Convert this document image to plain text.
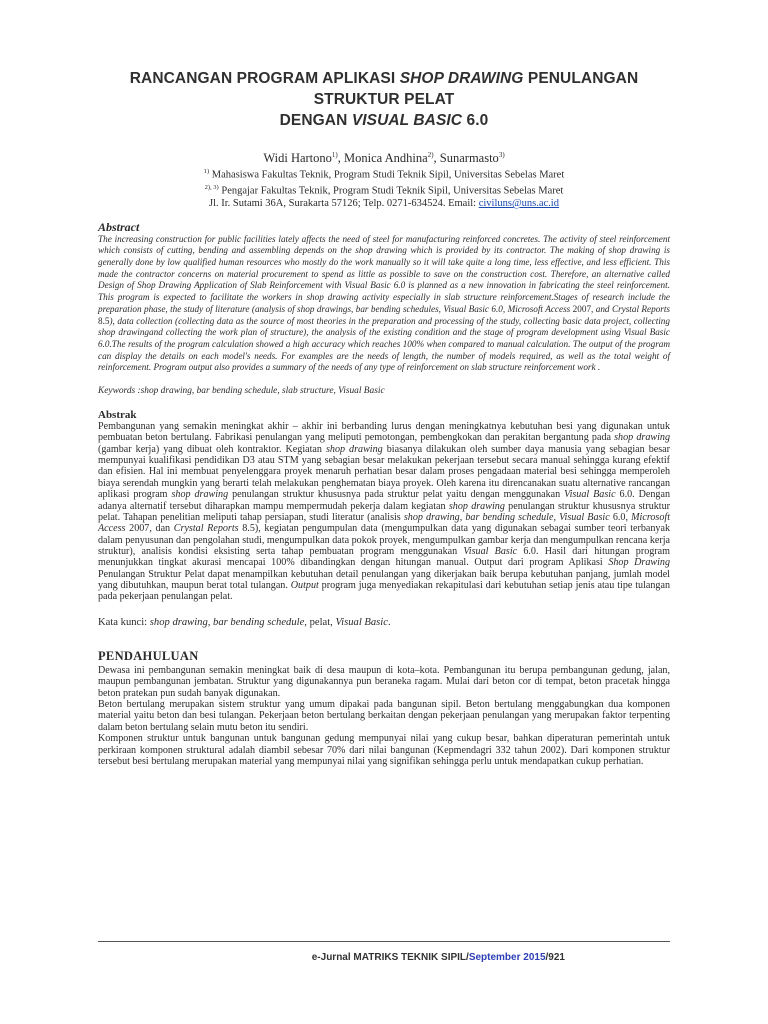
RANCANGAN PROGRAM APLIKASI SHOP DRAWING PENULANGAN STRUKTUR PELAT
DENGAN VISUAL BASIC 6.0
Widi Hartono$^{1)}$, Monica Andhina$^{2)}$, Sunarmasto$^{3)}$
$^{1)}$ Mahasiswa Fakultas Teknik, Program Studi Teknik Sipil, Universitas Sebelas Maret
$^{2), 3)}$ Pengajar Fakultas Teknik, Program Studi Teknik Sipil, Universitas Sebelas Maret
Jl. Ir. Sutami 36A, Surakarta 57126; Telp. 0271-634524. Email: civiluns@uns.ac.id
Abstract
The increasing construction for public facilities lately affects the need of steel for manufacturing reinforced concretes. The activity of steel reinforcement which consists of cutting, bending and assembling depends on the shop drawing which is provided by its contractor. The making of shop drawing is generally done by low qualified human resources who mostly do the work manually so it will take quite a long time, less effective, and less efficient. This made the contractor concerns on material procurement to spend as little as possible to save on the construction cost. Therefore, an alternative called Design of Shop Drawing Application of Slab Reinforcement with Visual Basic 6.0 is planned as a new innovation in fabricating the steel reinforcement. This program is expected to facilitate the workers in shop drawing activity especially in slab structure reinforcement.Stages of research include the preparation phase, the study of literature (analysis of shop drawings, bar bending schedules, Visual Basic 6.0, Microsoft Access 2007, and Crystal Reports 8.5), data collection (collecting data as the source of most theories in the preparation and processing of the study, collecting basic data project, collecting shop drawingand collecting the work plan of structure), the analysis of the existing condition and the stage of program development using Visual Basic 6.0.The results of the program calculation showed a high accuracy which reaches 100% when compared to manual calculation. The output of the program can display the details on each model's needs. For examples are the needs of length, the number of models required, as well as the total weight of reinforcement. Program output also provides a summary of the needs of any type of reinforcement on slab structure reinforcement work .
Keywords :shop drawing, bar bending schedule, slab structure, Visual Basic
Abstrak
Pembangunan yang semakin meningkat akhir – akhir ini berbanding lurus dengan meningkatnya kebutuhan besi yang digunakan untuk pembuatan beton bertulang. Fabrikasi penulangan yang meliputi pemotongan, pembengkokan dan perakitan bergantung pada shop drawing (gambar kerja) yang dibuat oleh kontraktor. Kegiatan shop drawing biasanya dilakukan oleh sumber daya manusia yang sebagian besar mempunyai kualifikasi pendidikan D3 atau STM yang sebagian besar melakukan pekerjaan tersebut secara manual sehingga kurang efektif dan efisien. Hal ini membuat penyelenggara proyek menaruh perhatian besar dalam proses pengadaan material besi sehingga memperoleh biaya serendah mungkin yang berarti telah melakukan penghematan biaya proyek. Oleh karena itu direncanakan suatu alternative rancangan aplikasi program shop drawing penulangan struktur khususnya pada struktur pelat yaitu dengan menggunakan Visual Basic 6.0. Dengan adanya alternatif tersebut diharapkan mampu mempermudah pekerja dalam kegiatan shop drawing penulangan struktur khususnya struktur pelat. Tahapan penelitian meliputi tahap persiapan, studi literatur (analisis shop drawing, bar bending schedule, Visual Basic 6.0, Microsoft Access 2007, dan Crystal Reports 8.5), kegiatan pengumpulan data (mengumpulkan data yang digunakan sebagai sumber teori terbanyak dalam penyusunan dan pengolahan studi, mengumpulkan data pokok proyek, mengumpulkan gambar kerja dan mengumpulkan rencana kerja struktur), analisis kondisi eksisting serta tahap pembuatan program menggunakan Visual Basic 6.0. Hasil dari hitungan program menunjukkan tingkat akurasi mencapai 100% dibandingkan dengan hitungan manual. Output dari program Aplikasi Shop Drawing Penulangan Struktur Pelat dapat menampilkan kebutuhan detail penulangan yang dikerjakan baik berupa kebutuhan panjang, jumlah model yang dibutuhkan, maupun berat total tulangan. Output program juga menyediakan rekapitulasi dari kebutuhan setiap jenis atau tipe tulangan pada pekerjaan penulangan pelat.
Kata kunci: shop drawing, bar bending schedule, pelat, Visual Basic.
PENDAHULUAN

Dewasa ini pembangunan semakin meningkat baik di desa maupun di kota–kota. Pembangunan itu berupa pembangunan gedung, jalan, maupun pembangunan jembatan. Struktur yang digunakannya pun beraneka ragam. Mulai dari beton cor di tempat, beton pracetak hingga beton pratekan pun sudah banyak digunakan.

Beton bertulang merupakan sistem struktur yang umum dipakai pada bangunan sipil. Beton bertulang menggabungkan dua komponen material yaitu beton dan besi tulangan. Pekerjaan beton bertulang berkaitan dengan pekerjaan penulangan yang merupakan faktor terpenting dalam beton bertulang selain mutu beton itu sendiri.

Komponen struktur untuk bangunan untuk bangunan gedung mempunyai nilai yang cukup besar, bahkan diperaturan pemerintah untuk perkiraan komponen struktural adalah diambil sebesar 70% dari nilai bangunan (Kepmendagri 332 tahun 2002). Dari komponen struktur tersebut besi bertulang merupakan material yang mempunyai nilai yang signifikan sehingga perlu untuk mendapatkan cukup perhatian.

e-Jurnal MATRIKS TEKNIK SIPIL/September 2015/921
